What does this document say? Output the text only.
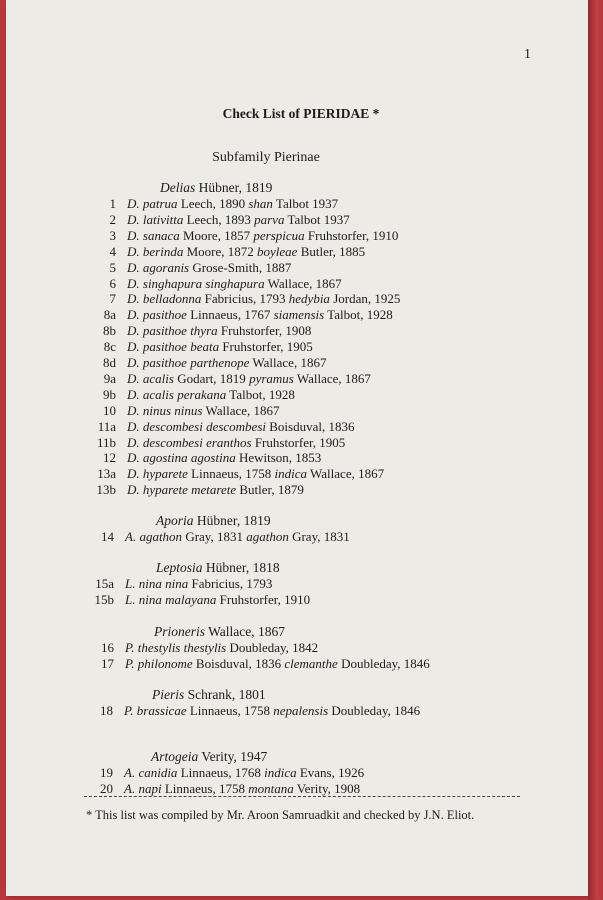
1
Check List of PIERIDAE *
Subfamily Pierinae
Delias Hübner, 1819
1 D. patrua Leech, 1890 shan Talbot 1937
2 D. lativitta Leech, 1893 parva Talbot 1937
3 D. sanaca Moore, 1857 perspicua Fruhstorfer, 1910
4 D. berinda Moore, 1872 boyleae Butler, 1885
5 D. agoranis Grose-Smith, 1887
6 D. singhapura singhapura Wallace, 1867
7 D. belladonna Fabricius, 1793 hedybia Jordan, 1925
8a D. pasithoe Linnaeus, 1767 siamensis Talbot, 1928
8b D. pasithoe thyra Fruhstorfer, 1908
8c D. pasithoe beata Fruhstorfer, 1905
8d D. pasithoe parthenope Wallace, 1867
9a D. acalis Godart, 1819 pyramus Wallace, 1867
9b D. acalis perakana Talbot, 1928
10 D. ninus ninus Wallace, 1867
11a D. descombesi descombesi Boisduval, 1836
11b D. descombesi eranthos Fruhstorfer, 1905
12 D. agostina agostina Hewitson, 1853
13a D. hyparete Linnaeus, 1758 indica Wallace, 1867
13b D. hyparete metarete Butler, 1879
Aporia Hübner, 1819
14 A. agathon Gray, 1831 agathon Gray, 1831
Leptosia Hübner, 1818
15a L. nina nina Fabricius, 1793
15b L. nina malayana Fruhstorfer, 1910
Prioneris Wallace, 1867
16 P. thestylis thestylis Doubleday, 1842
17 P. philonome Boisduval, 1836 clemanthe Doubleday, 1846
Pieris Schrank, 1801
18 P. brassicae Linnaeus, 1758 nepalensis Doubleday, 1846
Artogeia Verity, 1947
19 A. canidia Linnaeus, 1768 indica Evans, 1926
20 A. napi Linnaeus, 1758 montana Verity, 1908
* This list was compiled by Mr. Aroon Samruadkit and checked by J.N. Eliot.
